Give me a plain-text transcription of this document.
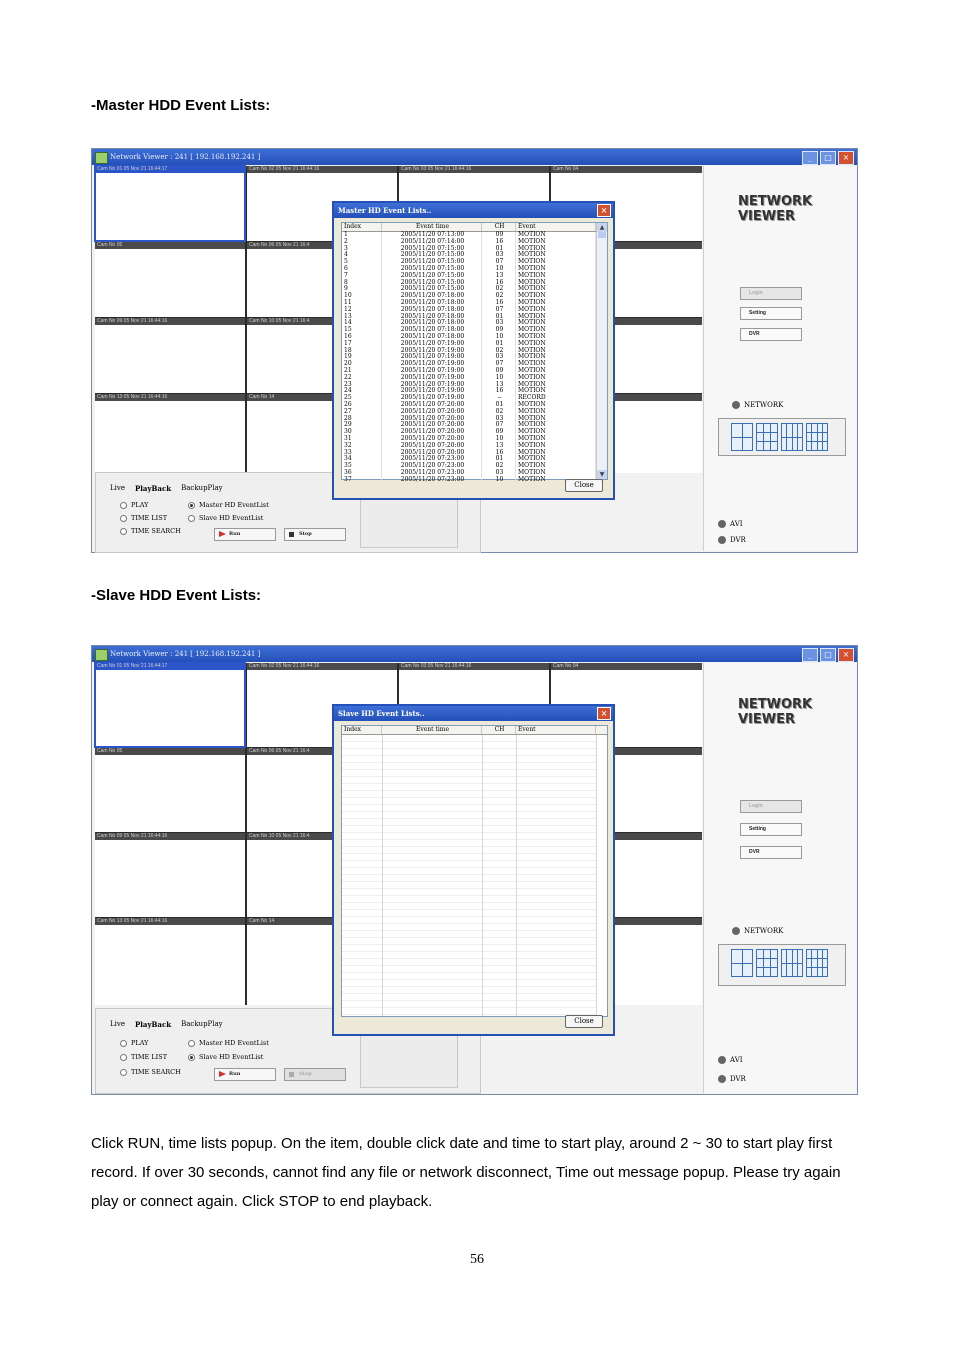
-Master HDD Event Lists:
Network Viewer : 241 [ 192.168.192.241 ]	_	□	×
Cam No 01 05 Nov 21 16:44:17	Cam No 02 05 Nov 21 16:44:16	Cam No 03 05 Nov 21 16:44:16	Cam No 04
Cam No 05	Cam No 06 05 Nov 21 16:4
Cam No 09 05 Nov 21 16:44:16	Cam No 10 05 Nov 21 16:4
Cam No 13 05 Nov 21 16:44:16	Cam No 14
NETWORK
VIEWER
Login
Setting
DVR
NETWORK
AVI
DVR
Live PlayBack BackupPlay
PLAY
TIME LIST
TIME SEARCH
Master HD EventList
Slave HD EventList
Run	Stop
Master HD Event Lists..	×
Index	Event time	CH	Event
1	2005/11/20 07:13:00	09	MOTION
2	2005/11/20 07:14:00	16	MOTION
3	2005/11/20 07:15:00	01	MOTION
4	2005/11/20 07:15:00	03	MOTION
5	2005/11/20 07:15:00	07	MOTION
6	2005/11/20 07:15:00	10	MOTION
7	2005/11/20 07:15:00	13	MOTION
8	2005/11/20 07:15:00	16	MOTION
9	2005/11/20 07:15:00	02	MOTION
10	2005/11/20 07:18:00	02	MOTION
11	2005/11/20 07:18:00	16	MOTION
12	2005/11/20 07:18:00	07	MOTION
13	2005/11/20 07:18:00	01	MOTION
14	2005/11/20 07:18:00	03	MOTION
15	2005/11/20 07:18:00	09	MOTION
16	2005/11/20 07:18:00	10	MOTION
17	2005/11/20 07:19:00	01	MOTION
18	2005/11/20 07:19:00	02	MOTION
19	2005/11/20 07:19:00	03	MOTION
20	2005/11/20 07:19:00	07	MOTION
21	2005/11/20 07:19:00	09	MOTION
22	2005/11/20 07:19:00	10	MOTION
23	2005/11/20 07:19:00	13	MOTION
24	2005/11/20 07:19:00	16	MOTION
25	2005/11/20 07:19:00	--	RECORD
26	2005/11/20 07:20:00	01	MOTION
27	2005/11/20 07:20:00	02	MOTION
28	2005/11/20 07:20:00	03	MOTION
29	2005/11/20 07:20:00	07	MOTION
30	2005/11/20 07:20:00	09	MOTION
31	2005/11/20 07:20:00	10	MOTION
32	2005/11/20 07:20:00	13	MOTION
33	2005/11/20 07:20:00	16	MOTION
34	2005/11/20 07:23:00	01	MOTION
35	2005/11/20 07:23:00	02	MOTION
36	2005/11/20 07:23:00	03	MOTION
37	2005/11/20 07:23:00	10	MOTION
▲
▼
Close
-Slave HDD Event Lists:
Network Viewer : 241 [ 192.168.192.241 ]	_	□	×
Cam No 01 05 Nov 21 16:44:17	Cam No 02 05 Nov 21 16:44:16	Cam No 03 05 Nov 21 16:44:16	Cam No 04
Cam No 05	Cam No 06 05 Nov 21 16:4
Cam No 09 05 Nov 21 16:44:16	Cam No 10 05 Nov 21 16:4
Cam No 13 05 Nov 21 16:44:16	Cam No 14
NETWORK
VIEWER
Login
Setting
DVR
NETWORK
AVI
DVR
Live PlayBack BackupPlay
PLAY
TIME LIST
TIME SEARCH
Master HD EventList
Slave HD EventList
Run	Stop
Slave HD Event Lists..	×
Index	Event time	CH	Event
Close
Click RUN, time lists popup. On the item, double click date and time to start play, around 2 ~ 30 to start play first record. If over 30 seconds, cannot find any file or network disconnect, Time out message popup. Please try again play or connect again. Click STOP to end playback.
56
